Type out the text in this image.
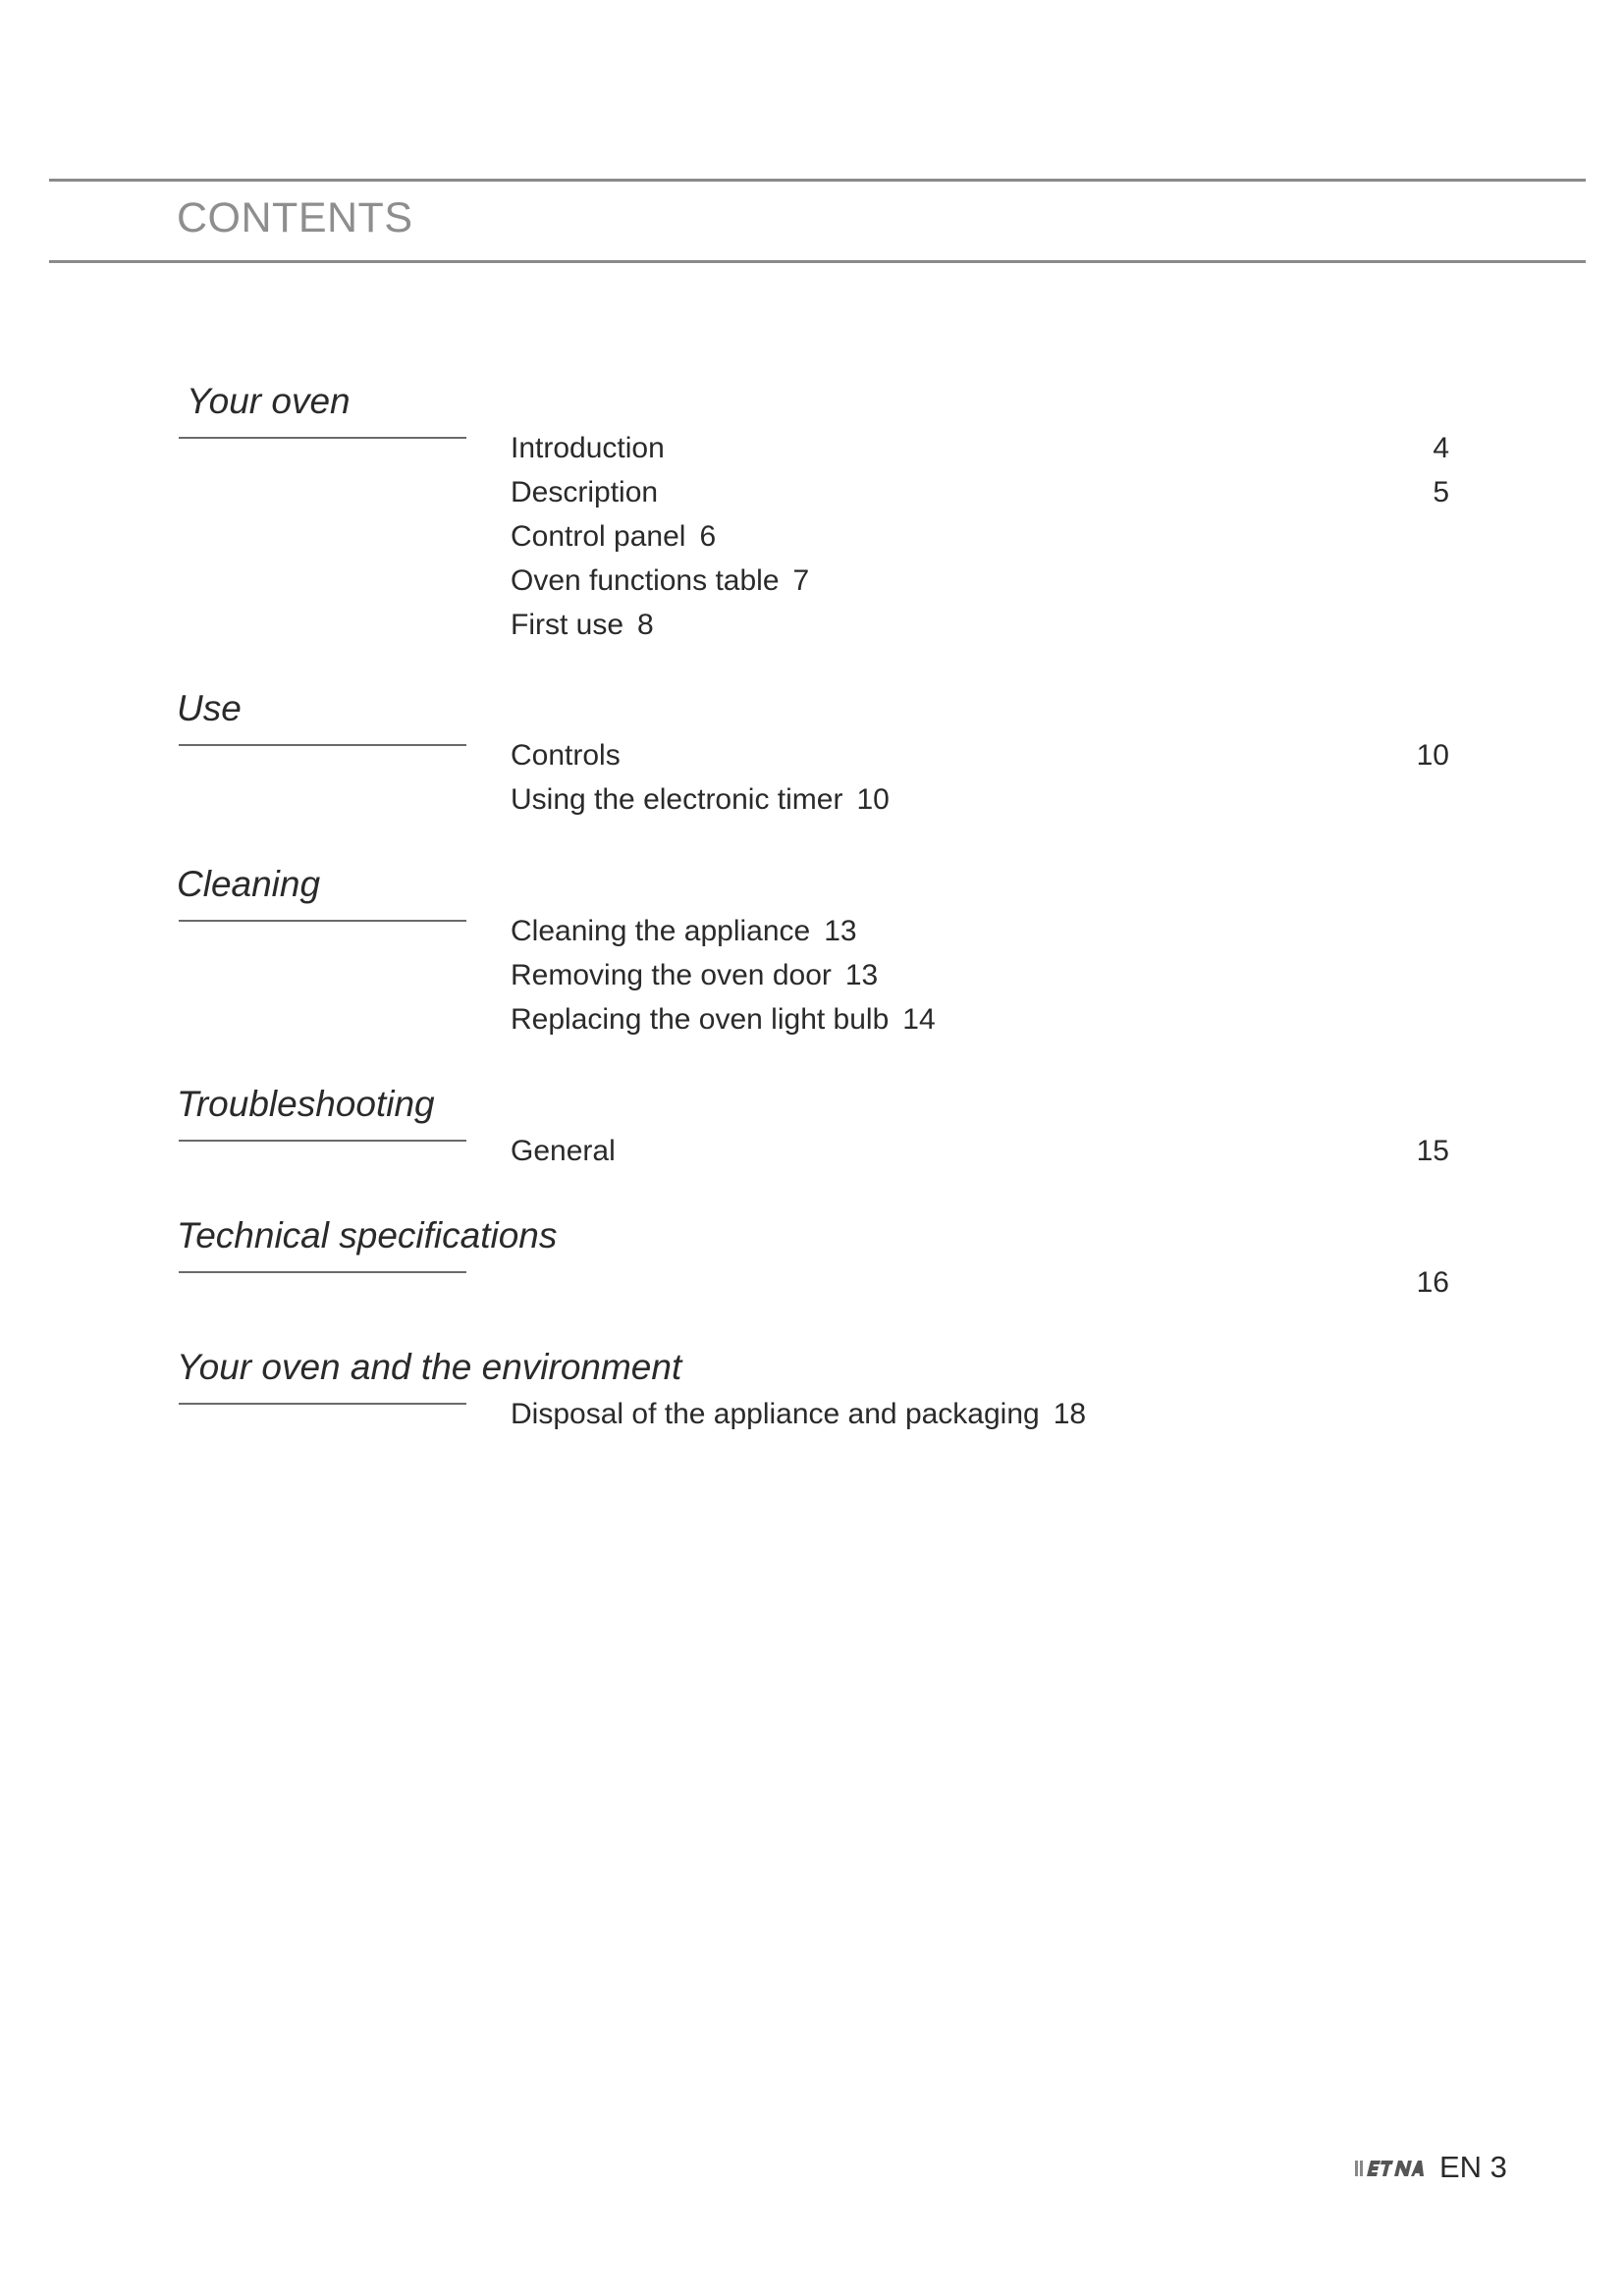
CONTENTS
Your oven
Introduction	4
Description	5
Control panel 6
Oven functions table 7
First use 8
Use
Controls	10
Using the electronic timer 10
Cleaning
Cleaning the appliance 13
Removing the oven door 13
Replacing the oven light bulb 14
Troubleshooting
General	15
Technical specifications
16
Your oven and the environment
Disposal of the appliance and packaging 18
EN 3
